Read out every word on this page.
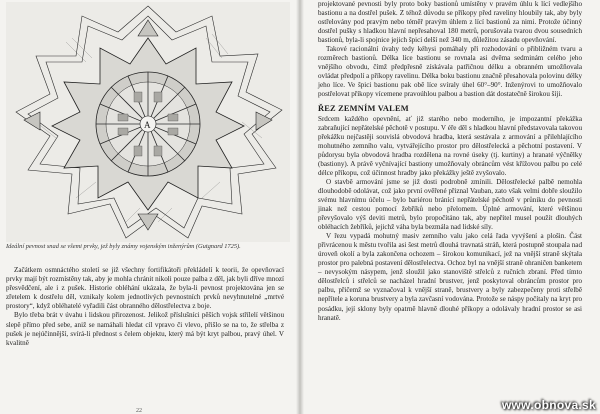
A
Ideální pevnost snad se všemi prvky, jež byly známy vojenským inženýrům (Gutgnard 1725).

Začátkem osmnáctého století se již všechny fortifikátoři překládelí k teorii, že opevňovací prvky mají být rozmístěny tak, aby je mohla chránit nikoli pouze palba z děl, jak byli dříve mnozí přesvědčení, ale i z pušek. Historie obléhání ukázala, že byla-li pevnost projektována jen se zřetelem k dostřelu děl, vznikaly kolem jednotlivých pevnostních prvků nevyhnutelné „mrtvé prostory“, když obléhatelé vyřadili část obranného dělostřelectva z boje.

Bylo třeba brát v úvahu i lidskou přirozenost. Jelikož příslušníci pěších vojsk střílelí většinou slepě přímo před sebe, aniž se namáhali hledat cíl vpravo či vlevo, přišlo se na to, že střelba z pušek je nejúčinnější, svírá-li přednost s čelem objektu, který má být kryt palbou, pravý úhel. V kvalitně

22

projektované pevnosti byly proto boky bastionů umístěny v pravém úhlu k lící vedlejšího bastionu a na dostřel pušek. Z téhož důvodu se příkopy před raveliny hloubily tak, aby byly ostřelovány pod pravým nebo téměř pravým úhlem z lící bastionů za nimi. Protože účinný dostřel pušky s hladkou hlavní nepřesahoval 180 metrů, porušovala tvarou dvou sousedních bastionů, byla-li spojnice jejich špicí delší než 340 m, důležitou zásadu opevňování.

Takové racionální úvahy tedy kéhysi pomáhaly při rozhodování o přibližném tvaru a rozměrech bastionů. Délka líce bastionu se rovnala asi dvěma sedminám celého jeho vnějšího obvodu, čímž předpřesně získávala patřičnou délku a obranném umožňovala ovládat předpolí a příkopy ravelinu. Délka boku bastionu značně přesahovala polovinu délky jeho líce. Ve špici bastionu pak obě líce svíraly úhel 60°–90°. Inženýrovi to umožňovalo postřelovat příkopy vícemene pravoúhlou palbou a bastion dát dostatečně širokou šíji.

ŘEZ ZEMNÍM VALEM

Srdcem každého opevnění, ať již starého nebo moderního, je impozantní překážka zabraňující nepřátelské pěchotě v postupu. V éře děl s hladkou hlavní představovala takovou překážku nejčastěji souvislá obvodová hradba, která sestávala z armování a přilehlajícího mohutného zemního valu, vytvářejícího prostor pro dělostřelecká a pěchotní postavení. V půdorysu byla obvodová hradba rozdělena na rovné úseky (tj. kurtiny) a hranaté výčnělky (bastiony). A právě vyčnívající bastiony umožňovaly obráncům vést křížovou palbu po celé délce příkopu, což účinnost hradby jako překážky ještě zvyšovalo.

O stavbě armování jsme se již dosti podrobně zmínili. Dělostřelecké palbě nemohla dlouhodobě odolávat, což jako první ověřené přiznal Vauban, zato však velmi dobře sloužilo svému hlavnímu účelu – bylo bariérou bránící nepřátelské pěchotě v průniku do pevnosti jinak než cestou pomocí žebříků nebo přelomem. Úplné armování, které většinou převyšovalo výš deviti metrů, bylo propočítáno tak, aby nepřítel musel použít dlouhých obléhacích žebříků, jejichž váha byla bezmála nad lidské síly.

V řezu vypadá mohutný masiv zemního valu jako celá řada vyvýšení a plošin. Část přivrácenou k městu tvořila asi šest metrů dlouhá travnatá stráň, která postupně stoupala nad úroveň okolí a byla zakončena ochozem – širokou komunikací, jež na vnější straně skýtala prostor pro palebná postavení dělostřelectva. Ochoz byl na vnější straně ohraničen banketem – nevysokým násypem, jenž sloužil jako stanoviště střelců z ručních zbraní. Před tímto dělostřelců i střelců se nacházel hradní brustver, jenž poskytoval obráncům prostor pro palbu, přičemž se vyznačoval k vnější straně, brustvery a byly zabezpečeny proti střelbě nepřítele a koruna brustvery a byla zavčasní vodována. Protože se náspy počítaly na kryt pro posádku, její sklony byly opatrně hlavně dlouhé příkopy a odolávaly hradní prostor se asi hranatě.

www.obnova.sk
